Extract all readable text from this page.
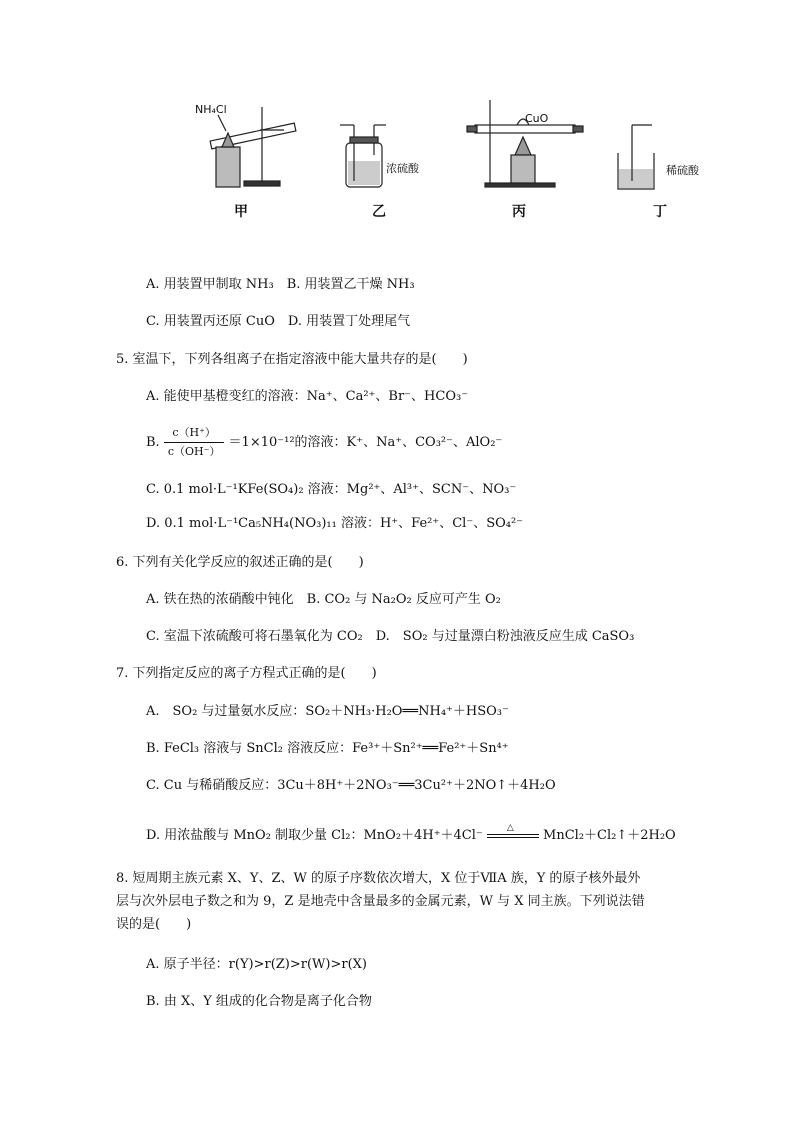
NH₄Cl
浓硫酸
CuO
稀硫酸
甲	乙	丙	丁
A. 用装置甲制取 NH₃　B. 用装置乙干燥 NH₃
C. 用装置丙还原 CuO　D. 用装置丁处理尾气
5. 室温下，下列各组离子在指定溶液中能大量共存的是(　　)
A. 能使甲基橙变红的溶液：Na⁺、Ca²⁺、Br⁻、HCO₃⁻
B. $\frac{c(H^+)}{c(OH^-)} =1\times 10^{-12}$的溶液：K⁺、Na⁺、CO₃²⁻、AlO₂⁻
C. 0.1 mol·L⁻¹KFe(SO₄)₂ 溶液：Mg²⁺、Al³⁺、SCN⁻、NO₃⁻
D. 0.1 mol·L⁻¹Ca₅NH₄(NO₃)₁₁ 溶液：H⁺、Fe²⁺、Cl⁻、SO₄²⁻
6. 下列有关化学反应的叙述正确的是(　　)
A. 铁在热的浓硝酸中钝化　B. CO₂ 与 Na₂O₂ 反应可产生 O₂
C. 室温下浓硫酸可将石墨氧化为 CO₂　D.　SO₂ 与过量漂白粉浊液反应生成 CaSO₃
7. 下列指定反应的离子方程式正确的是(　　)
A.　SO₂ 与过量氨水反应：SO₂＋NH₃·H₂O══NH₄⁺＋HSO₃⁻
B. FeCl₃ 溶液与 SnCl₂ 溶液反应：Fe³⁺＋Sn²⁺══Fe²⁺＋Sn⁴⁺
C. Cu 与稀硝酸反应：3Cu＋8H⁺＋2NO₃⁻══3Cu²⁺＋2NO↑＋4H₂O
D. 用浓盐酸与 MnO₂ 制取少量 Cl₂：MnO₂＋4H⁺＋4Cl⁻
△
MnCl₂＋Cl₂↑＋2H₂O
8. 短周期主族元素 X、Y、Z、W 的原子序数依次增大，X 位于ⅦA 族，Y 的原子核外最外
层与次外层电子数之和为 9，Z 是地壳中含量最多的金属元素，W 与 X 同主族。下列说法错
误的是(　　)
A. 原子半径：r(Y)>r(Z)>r(W)>r(X)
B. 由 X、Y 组成的化合物是离子化合物
